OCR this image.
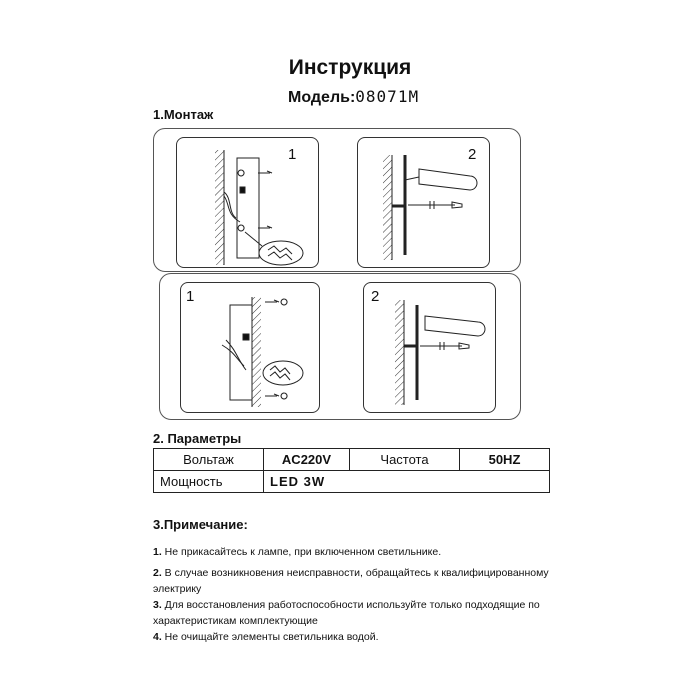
Инструкция
Модель:08071M
1.Монтаж
1	2
1	2
2. Параметры
Вольтаж	AC220V	Частота	50HZ
Мощность	LED 3W		
3.Примечание:
1. Не прикасайтесь к лампе, при включенном светильнике.
2. В случае возникновения неисправности, обращайтесь к квалифицированному электрику
3. Для восстановления работоспособности используйте только подходящие по характеристикам комплектующие
4. Не очищайте элементы светильника водой.
